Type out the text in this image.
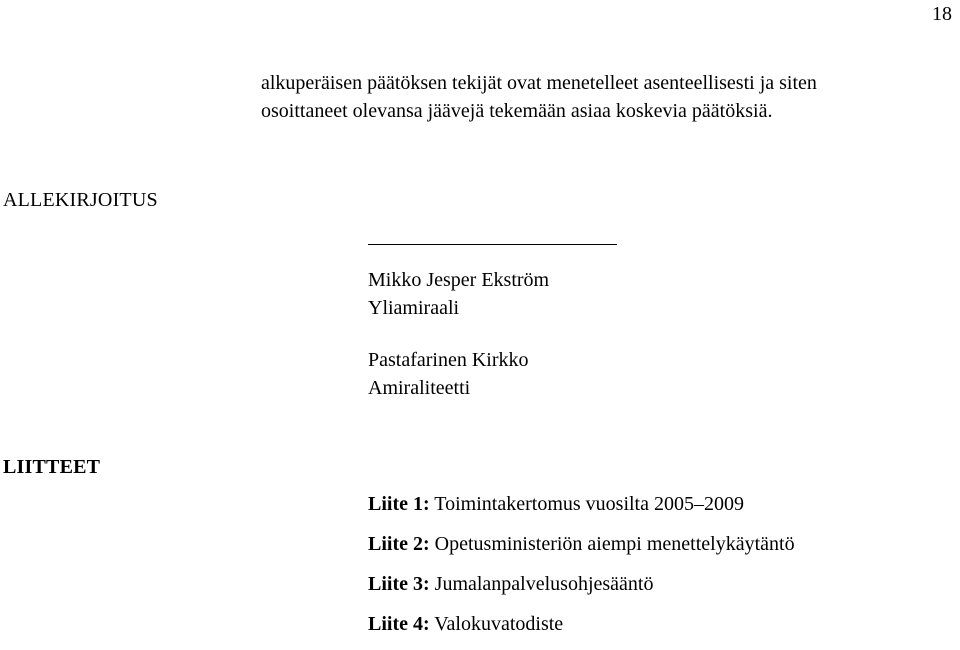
18
alkuperäisen päätöksen tekijät ovat menetelleet asenteellisesti ja siten
osoittaneet olevansa jäävejä tekemään asiaa koskevia päätöksiä.
ALLEKIRJOITUS
Mikko Jesper Ekström
Yliamiraali
Pastafarinen Kirkko
Amiraliteetti
LIITTEET
Liite 1: Toimintakertomus vuosilta 2005–2009
Liite 2: Opetusministeriön aiempi menettelykäytäntö
Liite 3: Jumalanpalvelusohjesääntö
Liite 4: Valokuvatodiste
